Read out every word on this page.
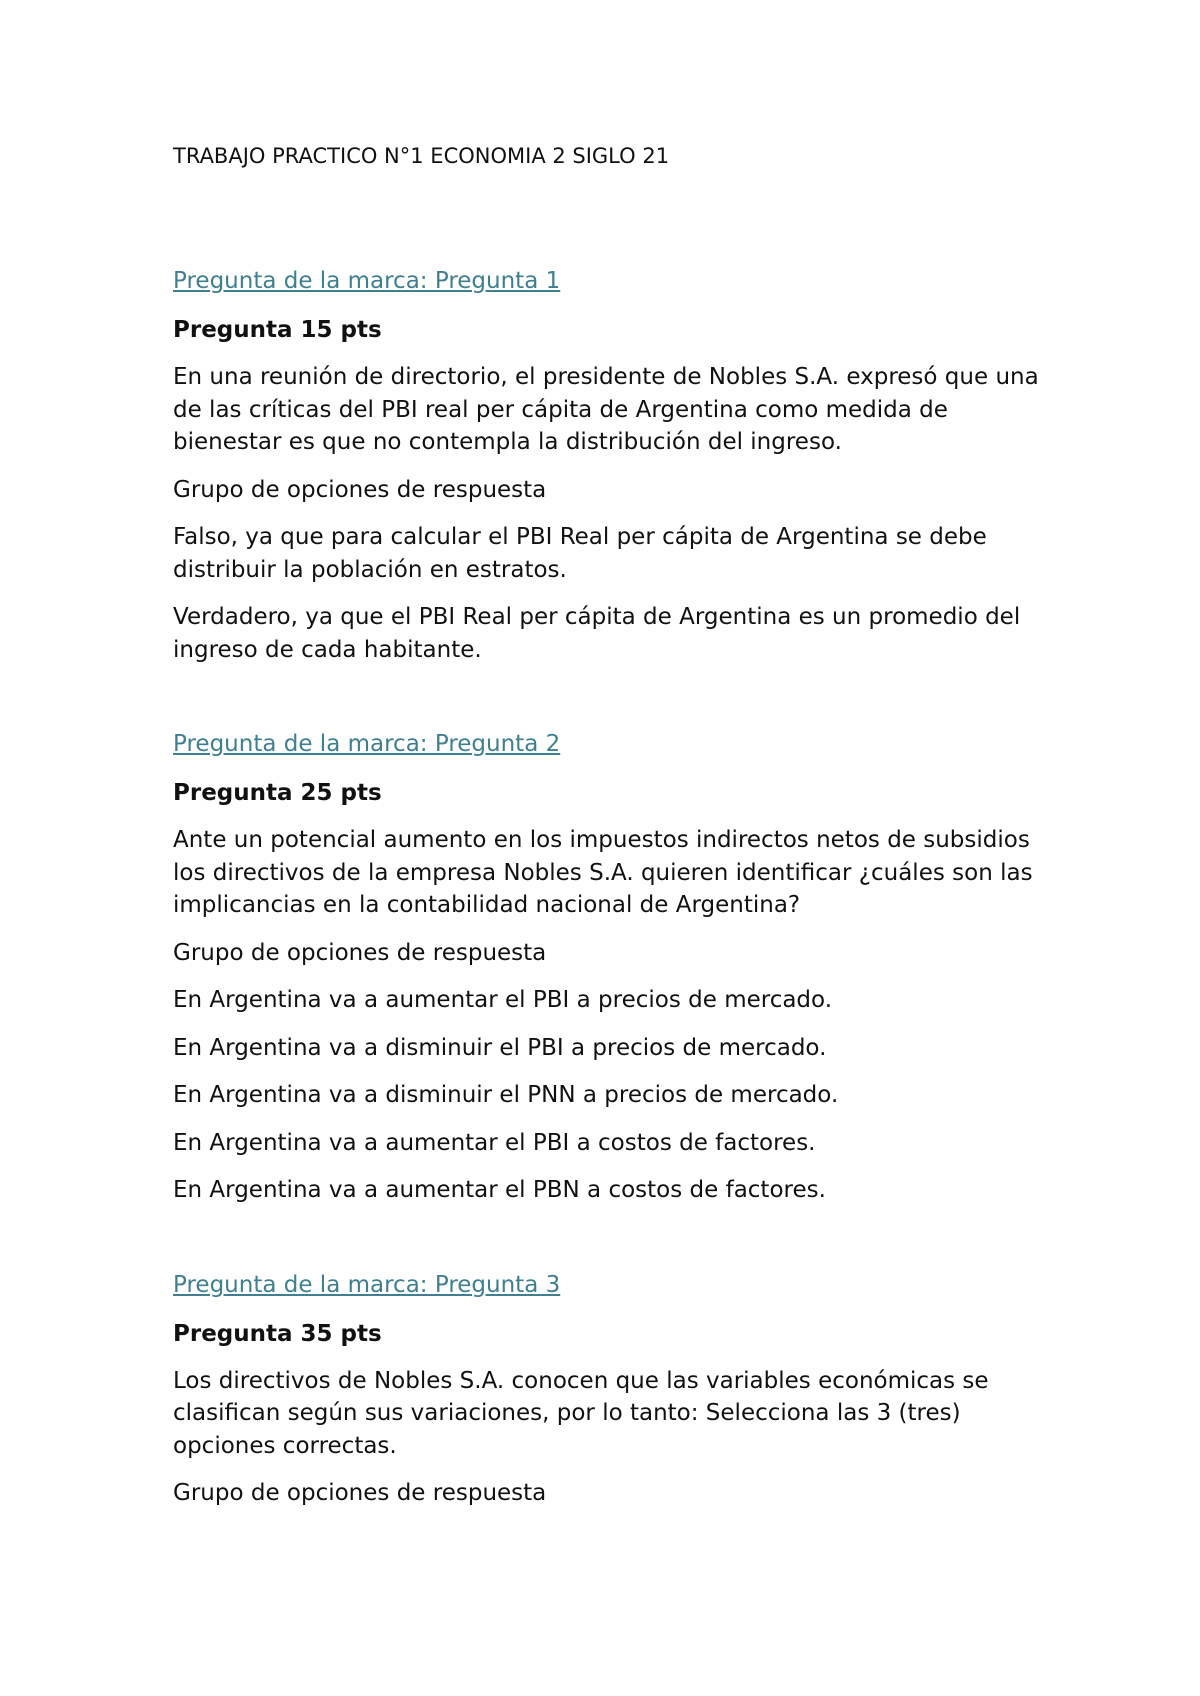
TRABAJO PRACTICO N°1 ECONOMIA 2 SIGLO 21
Pregunta de la marca: Pregunta 1
Pregunta 15 pts
En una reunión de directorio, el presidente de Nobles S.A. expresó que una de las críticas del PBI real per cápita de Argentina como medida de bienestar es que no contempla la distribución del ingreso.
Grupo de opciones de respuesta
Falso, ya que para calcular el PBI Real per cápita de Argentina se debe distribuir la población en estratos.
Verdadero, ya que el PBI Real per cápita de Argentina es un promedio del ingreso de cada habitante.
Pregunta de la marca: Pregunta 2
Pregunta 25 pts
Ante un potencial aumento en los impuestos indirectos netos de subsidios los directivos de la empresa Nobles S.A. quieren identificar ¿cuáles son las implicancias en la contabilidad nacional de Argentina?
Grupo de opciones de respuesta
En Argentina va a aumentar el PBI a precios de mercado.
En Argentina va a disminuir el PBI a precios de mercado.
En Argentina va a disminuir el PNN a precios de mercado.
En Argentina va a aumentar el PBI a costos de factores.
En Argentina va a aumentar el PBN a costos de factores.
Pregunta de la marca: Pregunta 3
Pregunta 35 pts
Los directivos de Nobles S.A. conocen que las variables económicas se clasifican según sus variaciones, por lo tanto: Selecciona las 3 (tres) opciones correctas.
Grupo de opciones de respuesta
